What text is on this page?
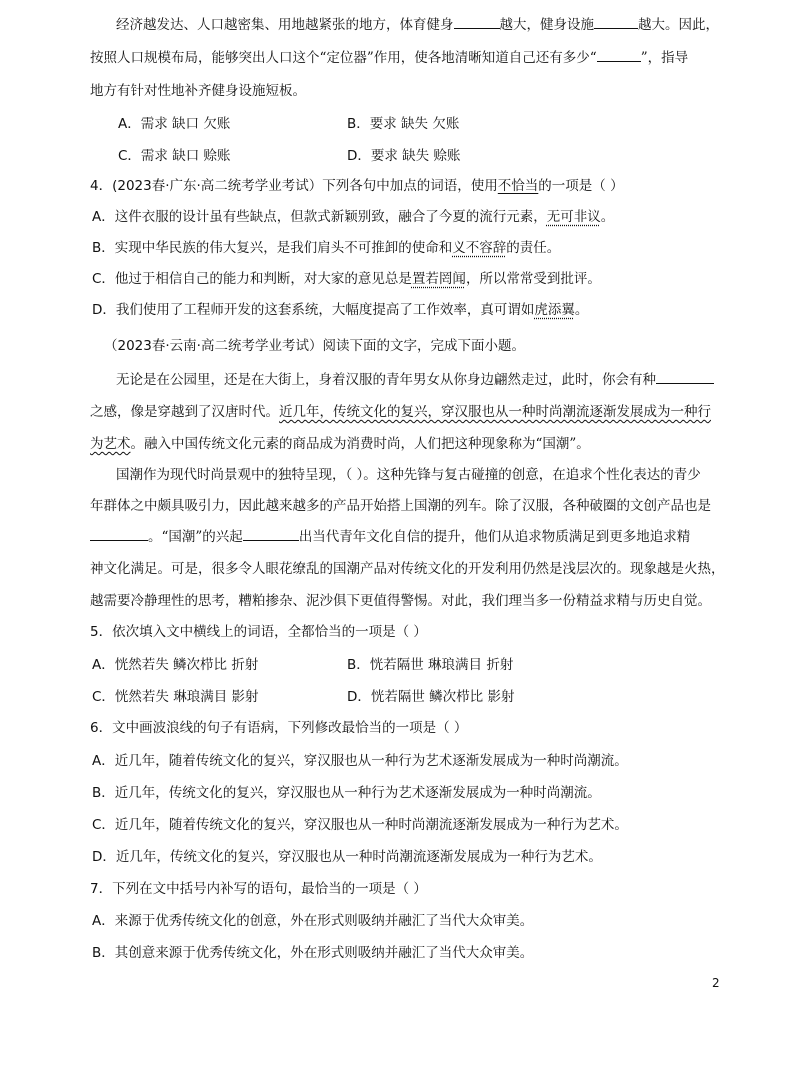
经济越发达、人口越密集、用地越紧张的地方，体育健身	越大，健身设施	越大。因此，
按照人口规模布局，能够突出人口这个“定位器”作用，使各地清晰知道自己还有多少“	”，指导
地方有针对性地补齐健身设施短板。
A．需求 缺口 欠账	B．要求 缺失 欠账
C．需求 缺口 赊账	D．要求 缺失 赊账
4．(2023春·广东·高二统考学业考试）下列各句中加点的词语，使用不恰当的一项是（ ）
A．这件衣服的设计虽有些缺点，但款式新颖别致，融合了今夏的流行元素，无可非议。
B．实现中华民族的伟大复兴，是我们肩头不可推卸的使命和义不容辞的责任。
C．他过于相信自己的能力和判断，对大家的意见总是置若罔闻，所以常常受到批评。
D．我们使用了工程师开发的这套系统，大幅度提高了工作效率，真可谓如虎添翼。
（2023春·云南·高二统考学业考试）阅读下面的文字，完成下面小题。
无论是在公园里，还是在大街上，身着汉服的青年男女从你身边翩然走过，此时，你会有种
之感，像是穿越到了汉唐时代。近几年，传统文化的复兴，穿汉服也从一种时尚潮流逐渐发展成为一种行
为艺术。融入中国传统文化元素的商品成为消费时尚，人们把这种现象称为“国潮”。
国潮作为现代时尚景观中的独特呈现，（ ）。这种先锋与复古碰撞的创意，在追求个性化表达的青少
年群体之中颇具吸引力，因此越来越多的产品开始搭上国潮的列车。除了汉服，各种破圈的文创产品也是
。“国潮”的兴起	出当代青年文化自信的提升，他们从追求物质满足到更多地追求精
神文化满足。可是，很多令人眼花缭乱的国潮产品对传统文化的开发利用仍然是浅层次的。现象越是火热，
越需要冷静理性的思考，糟粕掺杂、泥沙俱下更值得警惕。对此，我们理当多一份精益求精与历史自觉。
5．依次填入文中横线上的词语，全都恰当的一项是（ ）
A．恍然若失 鳞次栉比 折射	B．恍若隔世 琳琅满目 折射
C．恍然若失 琳琅满目 影射	D．恍若隔世 鳞次栉比 影射
6．文中画波浪线的句子有语病，下列修改最恰当的一项是（ ）
A．近几年，随着传统文化的复兴，穿汉服也从一种行为艺术逐渐发展成为一种时尚潮流。
B．近几年，传统文化的复兴，穿汉服也从一种行为艺术逐渐发展成为一种时尚潮流。
C．近几年，随着传统文化的复兴，穿汉服也从一种时尚潮流逐渐发展成为一种行为艺术。
D．近几年，传统文化的复兴，穿汉服也从一种时尚潮流逐渐发展成为一种行为艺术。
7．下列在文中括号内补写的语句，最恰当的一项是（ ）
A．来源于优秀传统文化的创意，外在形式则吸纳并融汇了当代大众审美。
B．其创意来源于优秀传统文化，外在形式则吸纳并融汇了当代大众审美。
2
